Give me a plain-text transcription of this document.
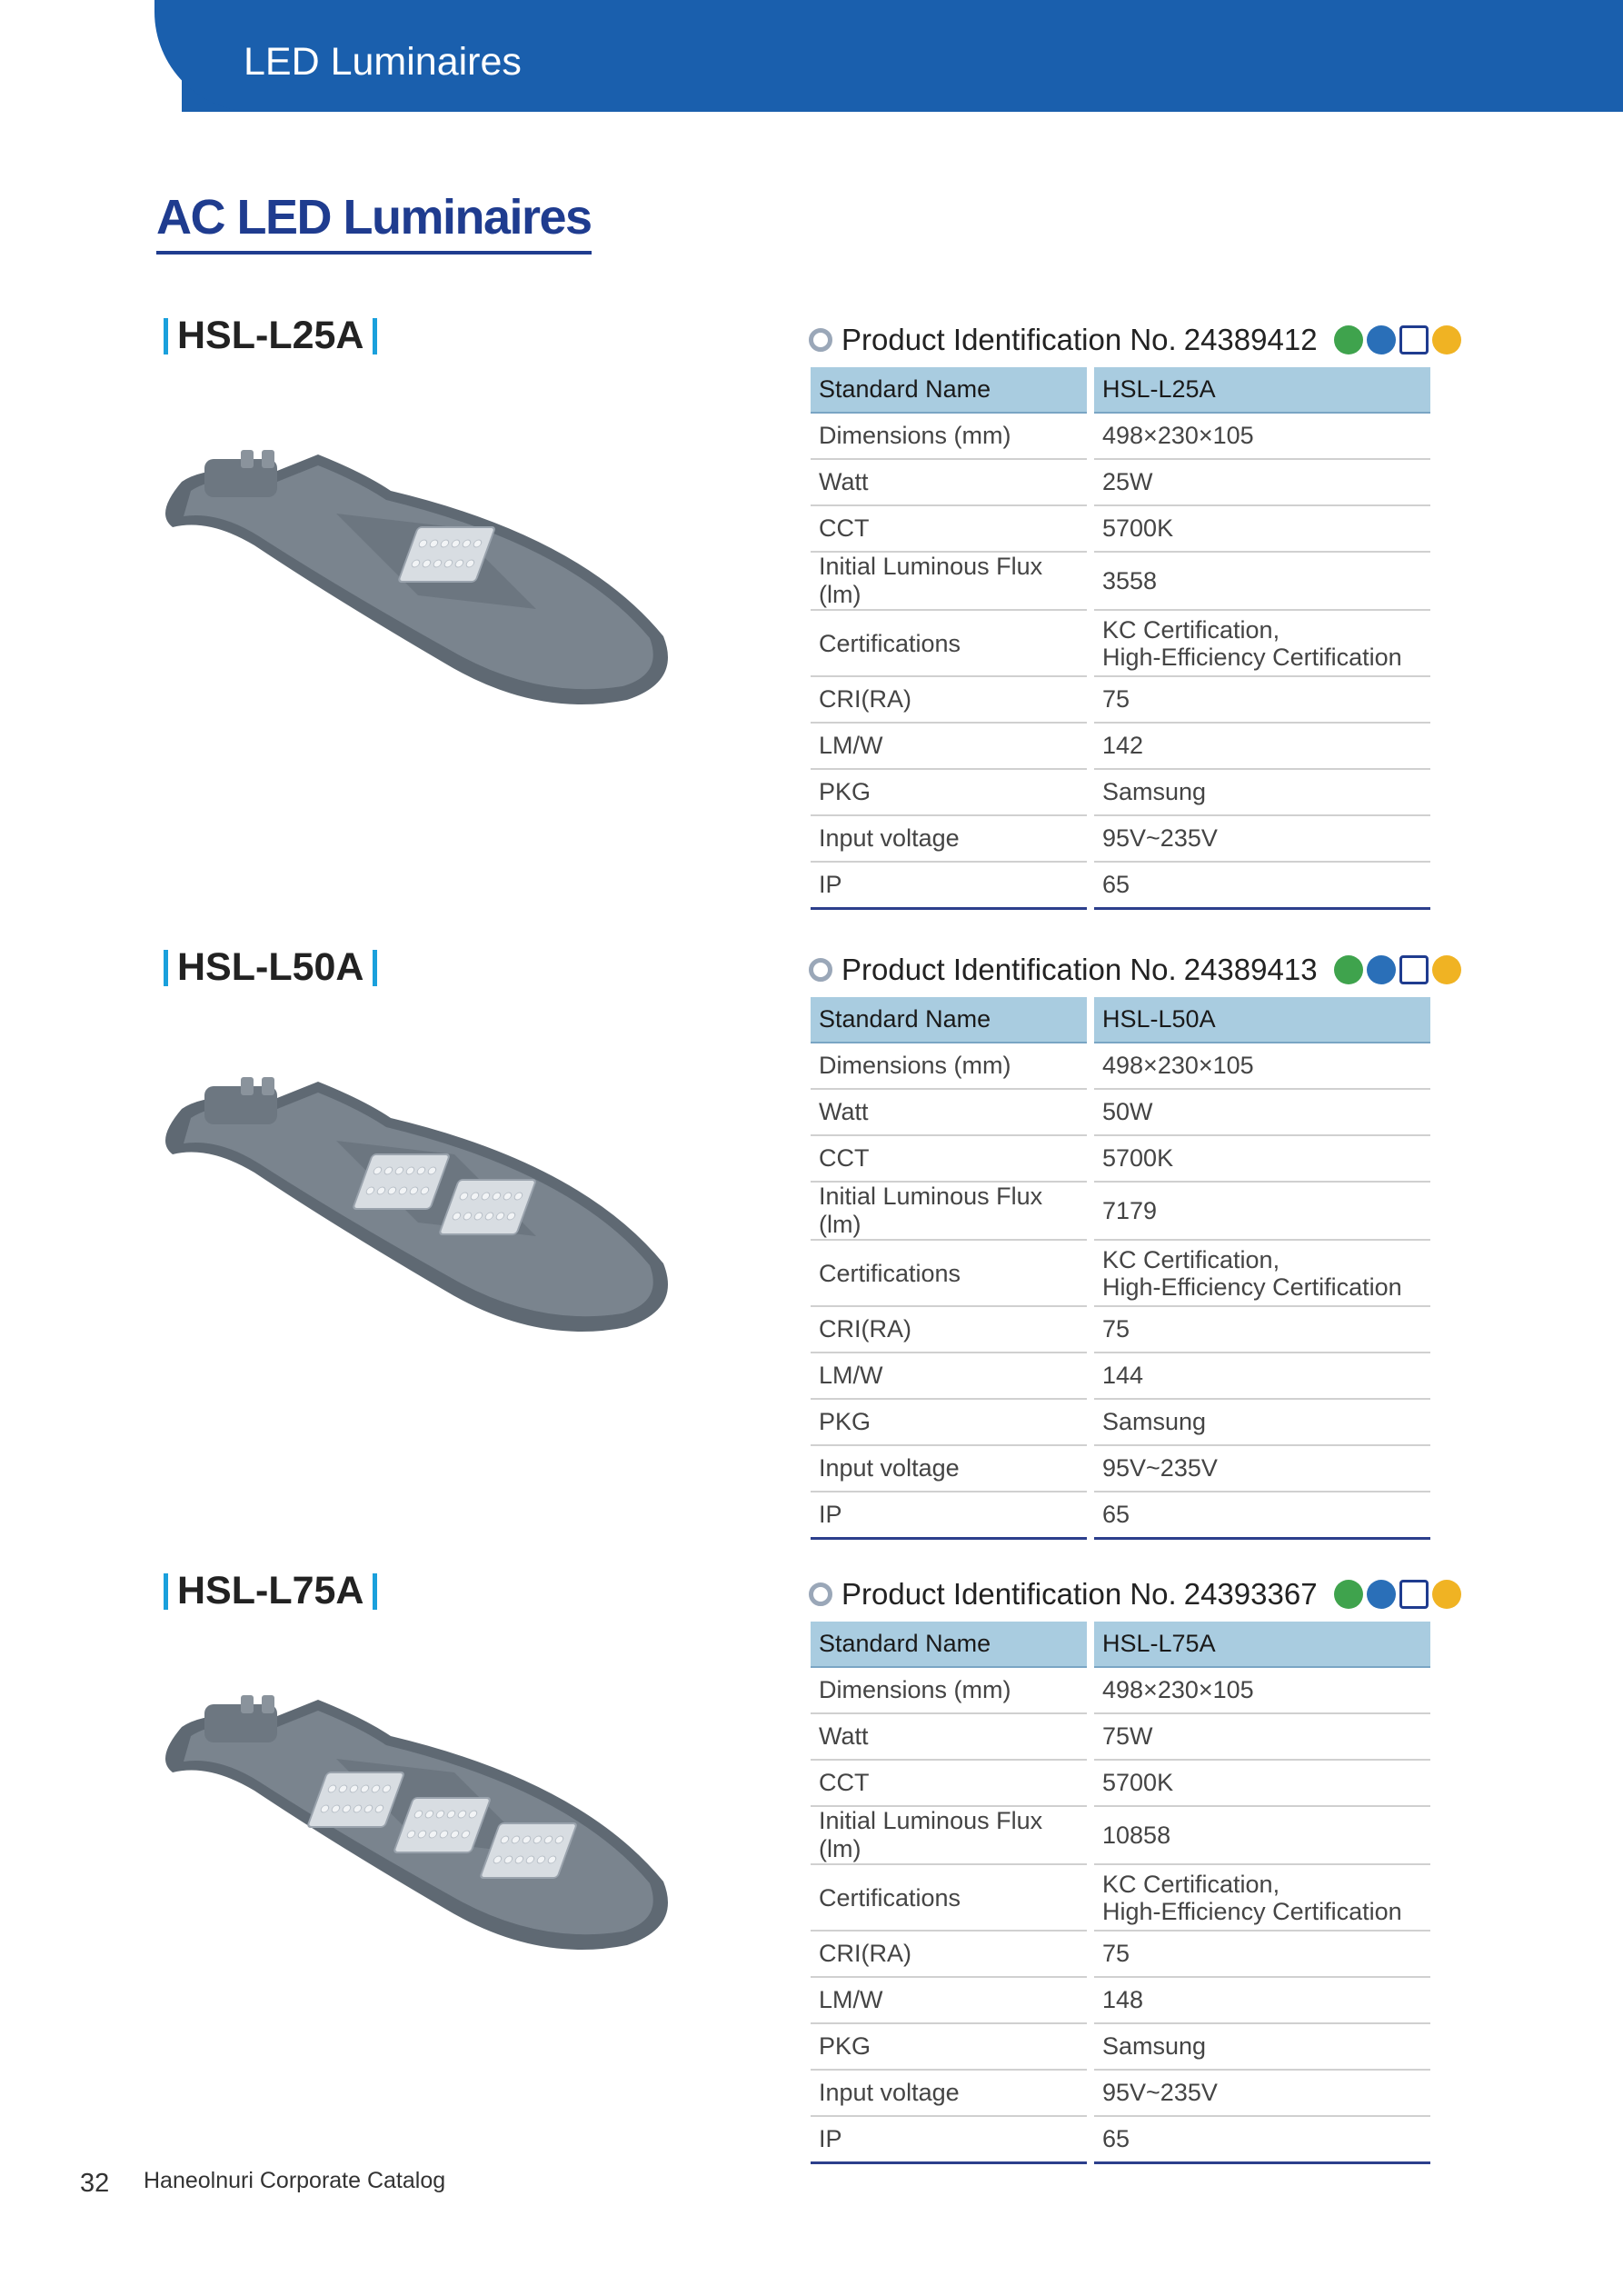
LED Luminaires
AC LED Luminaires
HSL-L25A	Product Identification No. 24389412
Standard Name	HSL-L25A
Dimensions (mm)	498×230×105
Watt	25W
CCT	5700K
Initial Luminous Flux (lm)	3558
Certifications	KC Certification,
High-Efficiency Certification
CRI(RA)	75
LM/W	142
PKG	Samsung
Input voltage	95V~235V
IP	65
HSL-L50A	Product Identification No. 24389413
Standard Name	HSL-L50A
Dimensions (mm)	498×230×105
Watt	50W
CCT	5700K
Initial Luminous Flux (lm)	7179
Certifications	KC Certification,
High-Efficiency Certification
CRI(RA)	75
LM/W	144
PKG	Samsung
Input voltage	95V~235V
IP	65
HSL-L75A	Product Identification No. 24393367
Standard Name	HSL-L75A
Dimensions (mm)	498×230×105
Watt	75W
CCT	5700K
Initial Luminous Flux (lm)	10858
Certifications	KC Certification,
High-Efficiency Certification
CRI(RA)	75
LM/W	148
PKG	Samsung
Input voltage	95V~235V
IP	65
32 Haneolnuri Corporate Catalog
